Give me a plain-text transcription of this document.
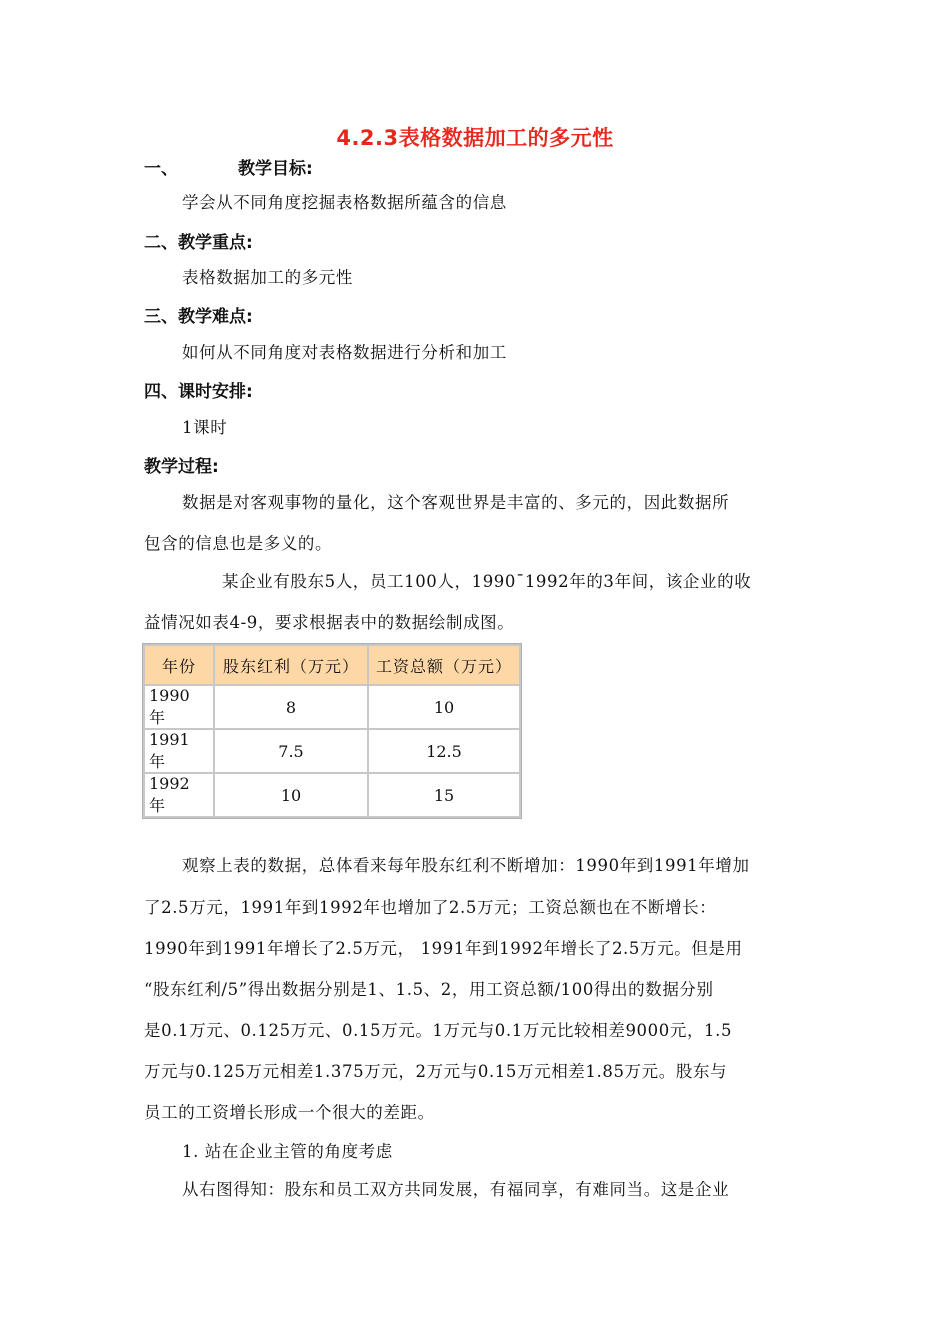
4.2.3表格数据加工的多元性
一、	教学目标:
学会从不同角度挖掘表格数据所蕴含的信息
二、教学重点:
表格数据加工的多元性
三、教学难点:
如何从不同角度对表格数据进行分析和加工
四、课时安排:
1课时
教学过程:
数据是对客观事物的量化，这个客观世界是丰富的、多元的，因此数据所
包含的信息也是多义的。
某企业有股东5人，员工100人，1990¯1992年的3年间，该企业的收
益情况如表4-9，要求根据表中的数据绘制成图。
年份	股东红利（万元）	工资总额（万元）
1990 年	8	10
1991 年	7.5	12.5
1992 年	10	15
观察上表的数据，总体看来每年股东红利不断增加：1990年到1991年增加
了2.5万元，1991年到1992年也增加了2.5万元；工资总额也在不断增长：
1990年到1991年增长了2.5万元， 1991年到1992年增长了2.5万元。但是用
“股东红利/5”得出数据分别是1、1.5、2，用工资总额/100得出的数据分别
是0.1万元、0.125万元、0.15万元。1万元与0.1万元比较相差9000元，1.5
万元与0.125万元相差1.375万元，2万元与0.15万元相差1.85万元。股东与
员工的工资增长形成一个很大的差距。
1. 站在企业主管的角度考虑
从右图得知：股东和员工双方共同发展，有福同享，有难同当。这是企业
